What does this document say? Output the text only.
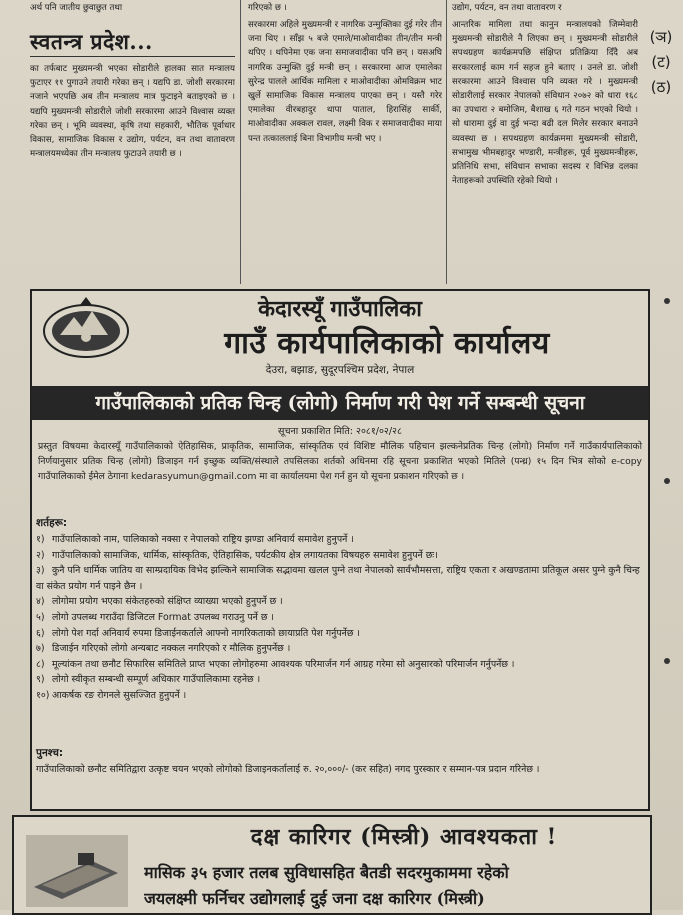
अर्थ पनि जातीय छुवाछुत तथा
स्वतन्त्र प्रदेश...

का तर्फबाट मुख्यमन्त्री भएका सोडारीले हालका सात मन्त्रालय फुटाएर ११ पुगाउने तयारी गरेका छन् । यद्यपि डा. जोशी सरकारमा नजाने भएपछि अब तीन मन्त्रालय मात्र फुटाइने बताइएको छ । यद्यपि मुख्यमन्त्री सोडारीले जोशी सरकारमा आउने विश्वास व्यक्त गरेका छन् । भूमि व्यवस्था, कृषि तथा सहकारी, भौतिक पूर्वाधार विकास, सामाजिक विकास र उद्योग, पर्यटन, वन तथा वातावरण मन्त्रालयमध्येका तीन मन्त्रालय फुटाउने तयारी छ ।

गरिएको छ ।

सरकारमा अहिले मुख्यमन्त्री र नागरिक उन्मुक्तिका दुई गरेर तीन जना थिए । साँझ ५ बजे एमाले/माओवादीका तीन/तीन मन्त्री थपिए । थपिनेमा एक जना समाजवादीका पनि छन् । यसअघि नागरिक उन्मुक्ति दुई मन्त्री छन् । सरकारमा आज एमालेका सुरेन्द्र पालले आर्थिक मामिला र माओवादीका ओमविक्रम भाट खुर्ले सामाजिक विकास मन्त्रालय पाएका छन् । यस्तै गरेर एमालेका वीरबहादुर थापा पाताल, हिरासिंह सार्की, माओवादीका अक्कल रावल, लक्ष्मी विक र समाजवादीका माया पन्त तत्काललाई बिना विभागीय मन्त्री भए ।

उद्योग, पर्यटन, वन तथा वातावरण र

आन्तरिक मामिला तथा कानुन मन्त्रालयको जिम्मेवारी मुख्यमन्त्री सोडारीले नै लिएका छन् । मुख्यमन्त्री सोडारीले सपथग्रहण कार्यक्रमपछि संक्षिप्त प्रतिक्रिया दिँदै अब सरकारलाई काम गर्न सहज हुने बताए । उनले डा. जोशी सरकारमा आउने विश्वास पनि व्यक्त गरे । मुख्यमन्त्री सोडारीलाई सरकार नेपालको संविधान २०७२ को धारा १६८ का उपधारा २ बमोजिम, बैशाख ६ गते गठन भएको थियो । सो धारामा दुई वा दुई भन्दा बढी दल मिलेर सरकार बनाउने व्यवस्था छ । सपथग्रहण कार्यक्रममा मुख्यमन्त्री सोडारी, सभामुख भीमबहादुर भण्डारी, मन्त्रीहरू, पूर्व मुख्यमन्त्रीहरू, प्रतिनिधि सभा, संविधान सभाका सदस्य र विभिन्न दलका नेताहरूको उपस्थिति रहेको थियो ।

(ञ)
(ट)
(ठ)
केदारस्यूँ गाउँपालिका
गाउँ कार्यपालिकाको कार्यालय
देउरा, बझाङ, सुदूरपश्चिम प्रदेश, नेपाल
गाउँपालिकाको प्रतिक चिन्ह (लोगो) निर्माण गरी पेश गर्ने सम्बन्धी सूचना
सूचना प्रकाशित मिति: २०८१/०२/२८
प्रस्तुत विषयमा केदारस्यूँ गाउँपालिकाको ऐतिहासिक, प्राकृतिक, सामाजिक, सांस्कृतिक एवं विशिष्ट मौलिक पहिचान झल्कनेप्रतिक चिन्ह (लोगो) निर्माण गर्ने गाउँकार्यपालिकाको निर्णयानुसार प्रतिक चिन्ह (लोगो) डिजाइन गर्न इच्छुक व्यक्ति/संस्थाले तपसिलका शर्तको अधिनमा रहि सूचना प्रकाशित भएको मितिले (पन्ध्र) १५ दिन भित्र सोको e-copy गाउँपालिकाको ईमेल ठेगाना kedarasyumun@gmail.com मा वा कार्यालयमा पेश गर्न हुन यो सूचना प्रकाशन गरिएको छ ।
शर्तहरू:
१) गाउँपालिकाको नाम, पालिकाको नक्सा र नेपालको राष्ट्रिय झण्डा अनिवार्य समावेश हुनुपर्ने ।
२) गाउँपालिकाको सामाजिक, धार्मिक, सांस्कृतिक, ऐतिहासिक, पर्यटकीय क्षेत्र लगायतका विषयहरु समावेश हुनुपर्ने छः।
३) कुनै पनि धार्मिक जातिय वा साम्प्रदायिक विभेद झल्किने सामाजिक सद्भावमा खलल पुग्ने तथा नेपालको सार्वभौमसत्ता, राष्ट्रिय एकता र अखण्डतामा प्रतिकूल असर पुग्ने कुनै चिन्ह वा संकेत प्रयोग गर्न पाइने छैन ।
४) लोगोमा प्रयोग भएका संकेतहरुको संक्षिप्त व्याख्या भएको हुनुपर्ने छ ।
५) लोगो उपलब्ध गराउँदा डिजिटल Format उपलब्ध गराउनु पर्ने छ ।
६) लोगो पेश गर्दा अनिवार्य रुपमा डिजाईनकर्ताले आफ्नो नागरिकताको छायाप्रति पेश गर्नुपर्नेछ ।
७) डिजाईन गरिएको लोगो अन्यबाट नक्कल नगरिएको र मौलिक हुनुपर्नेछ ।
८) मूल्यांकन तथा छनौट सिफारिस समितिले प्राप्त भएका लोगोहरुमा आवश्यक परिमार्जन गर्न आग्रह गरेमा सो अनुसारको परिमार्जन गर्नुपर्नेछ ।
९) लोगो स्वीकृत सम्बन्धी सम्पूर्ण अधिकार गाउँपालिकामा रहनेछ ।
१०) आकर्षक रङ रोगनले सुसज्जित हुनुपर्ने ।
पुनश्च:
गाउँपालिकाको छनौट समितिद्वारा उत्कृष्ट चयन भएको लोगोको डिजाइनकर्तालाई रु. २०,०००/- (कर सहित) नगद पुरस्कार र सम्मान-पत्र प्रदान गरिनेछ ।
दक्ष कारिगर (मिस्त्री) आवश्यकता !
मासिक ३५ हजार तलब सुविधासहित बैतडी सदरमुकाममा रहेको
जयलक्ष्मी फर्निचर उद्योगलाई दुई जना दक्ष कारिगर (मिस्त्री)
